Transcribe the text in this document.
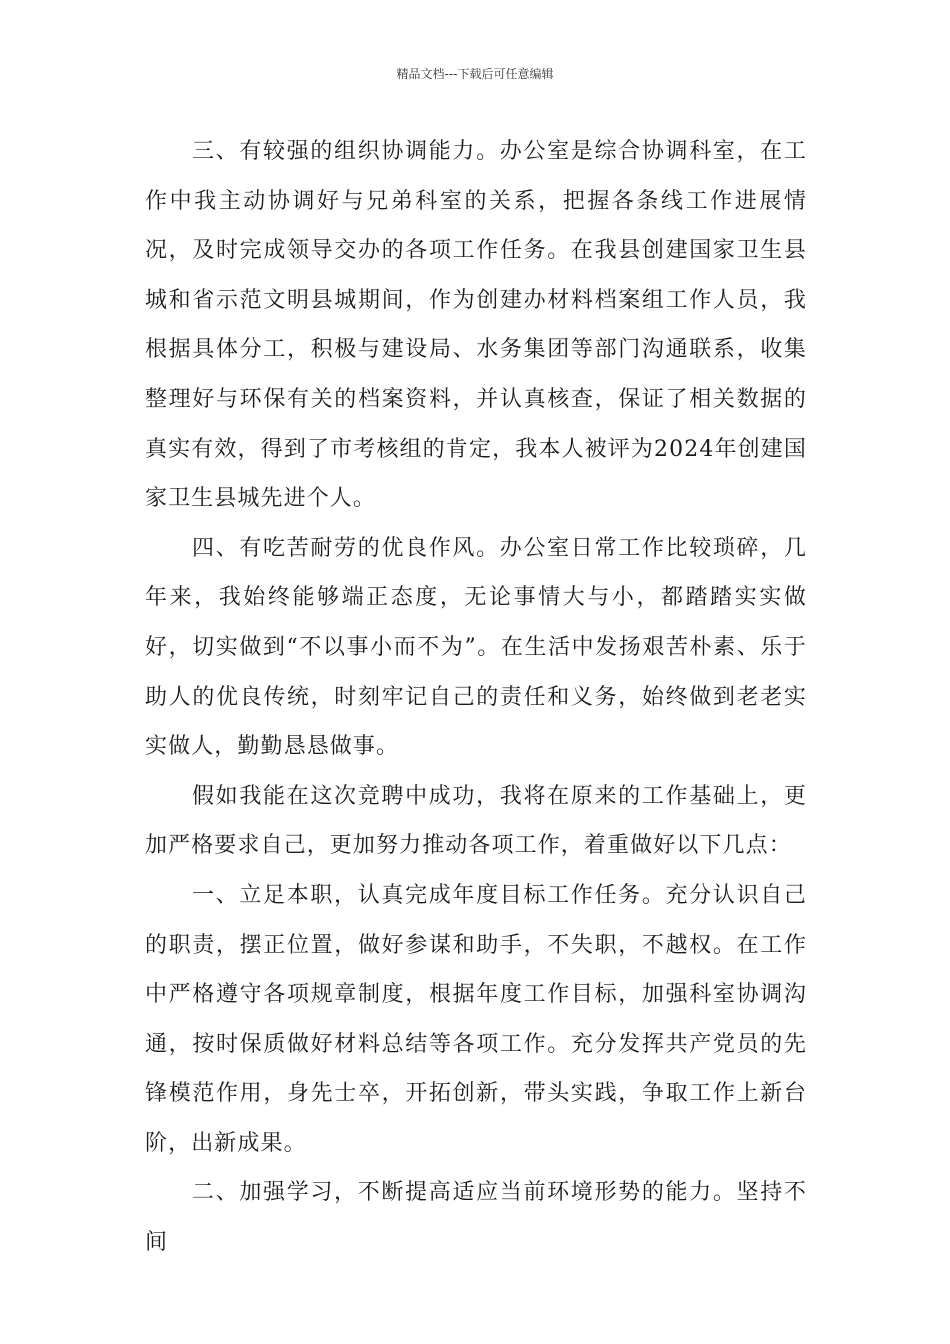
精品文档---下载后可任意编辑

三、有较强的组织协调能力。办公室是综合协调科室，在工作中我主动协调好与兄弟科室的关系，把握各条线工作进展情况，及时完成领导交办的各项工作任务。在我县创建国家卫生县城和省示范文明县城期间，作为创建办材料档案组工作人员，我根据具体分工，积极与建设局、水务集团等部门沟通联系，收集整理好与环保有关的档案资料，并认真核查，保证了相关数据的真实有效，得到了市考核组的肯定，我本人被评为2024年创建国家卫生县城先进个人。

四、有吃苦耐劳的优良作风。办公室日常工作比较琐碎，几年来，我始终能够端正态度，无论事情大与小，都踏踏实实做好，切实做到“不以事小而不为”。在生活中发扬艰苦朴素、乐于助人的优良传统，时刻牢记自己的责任和义务，始终做到老老实实做人，勤勤恳恳做事。

假如我能在这次竞聘中成功，我将在原来的工作基础上，更加严格要求自己，更加努力推动各项工作，着重做好以下几点：

一、立足本职，认真完成年度目标工作任务。充分认识自己的职责，摆正位置，做好参谋和助手，不失职，不越权。在工作中严格遵守各项规章制度，根据年度工作目标，加强科室协调沟通，按时保质做好材料总结等各项工作。充分发挥共产党员的先锋模范作用，身先士卒，开拓创新，带头实践，争取工作上新台阶，出新成果。

二、加强学习，不断提高适应当前环境形势的能力。坚持不间
